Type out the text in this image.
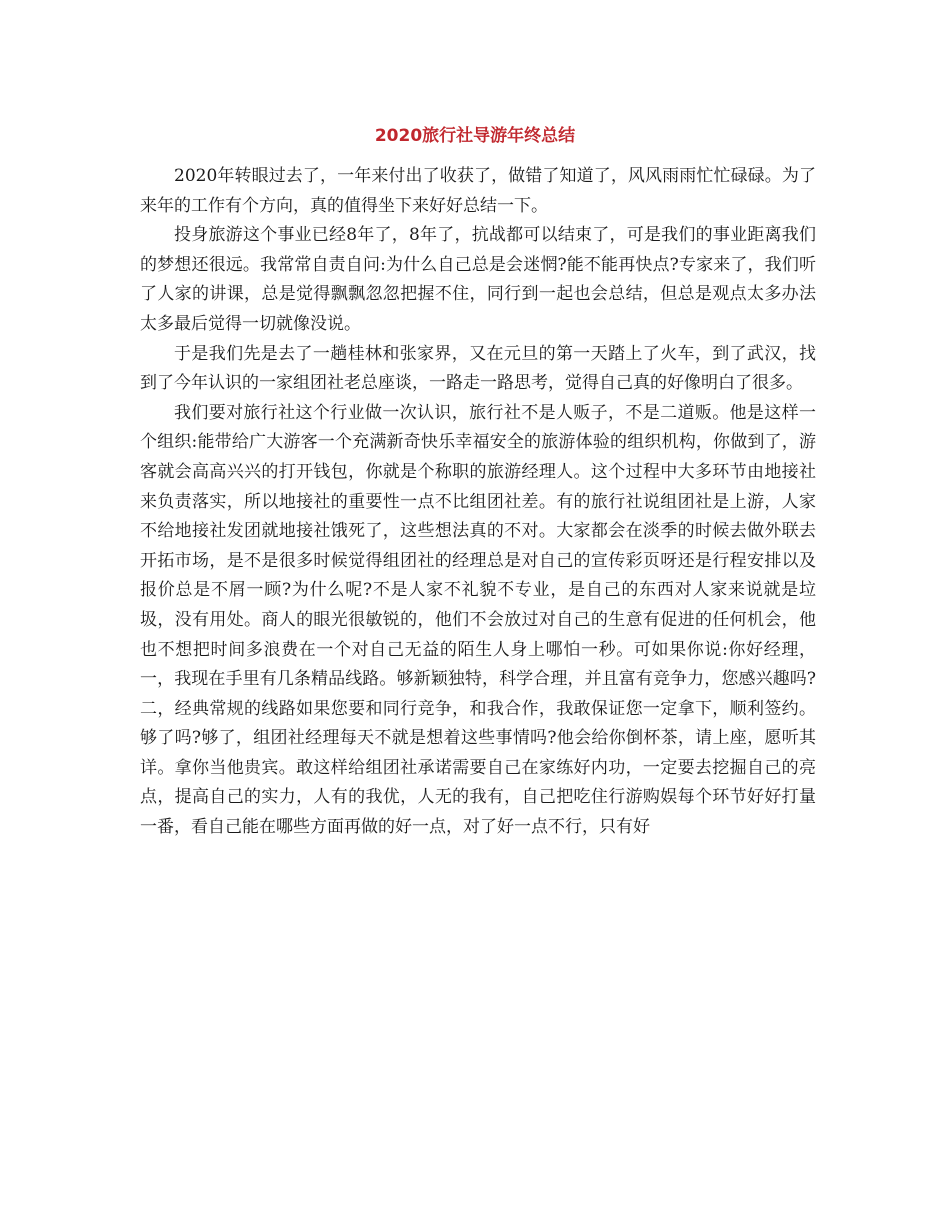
2020旅行社导游年终总结

2020年转眼过去了，一年来付出了收获了，做错了知道了，风风雨雨忙忙碌碌。为了来年的工作有个方向，真的值得坐下来好好总结一下。

投身旅游这个事业已经8年了，8年了，抗战都可以结束了，可是我们的事业距离我们的梦想还很远。我常常自责自问:为什么自己总是会迷惘?能不能再快点?专家来了，我们听了人家的讲课，总是觉得飘飘忽忽把握不住，同行到一起也会总结，但总是观点太多办法太多最后觉得一切就像没说。

于是我们先是去了一趟桂林和张家界，又在元旦的第一天踏上了火车，到了武汉，找到了今年认识的一家组团社老总座谈，一路走一路思考，觉得自己真的好像明白了很多。

我们要对旅行社这个行业做一次认识，旅行社不是人贩子，不是二道贩。他是这样一个组织:能带给广大游客一个充满新奇快乐幸福安全的旅游体验的组织机构，你做到了，游客就会高高兴兴的打开钱包，你就是个称职的旅游经理人。这个过程中大多环节由地接社来负责落实，所以地接社的重要性一点不比组团社差。有的旅行社说组团社是上游，人家不给地接社发团就地接社饿死了，这些想法真的不对。大家都会在淡季的时候去做外联去开拓市场，是不是很多时候觉得组团社的经理总是对自己的宣传彩页呀还是行程安排以及报价总是不屑一顾?为什么呢?不是人家不礼貌不专业，是自己的东西对人家来说就是垃圾，没有用处。商人的眼光很敏锐的，他们不会放过对自己的生意有促进的任何机会，他也不想把时间多浪费在一个对自己无益的陌生人身上哪怕一秒。可如果你说:你好经理，一，我现在手里有几条精品线路。够新颖独特，科学合理，并且富有竞争力，您感兴趣吗?二，经典常规的线路如果您要和同行竞争，和我合作，我敢保证您一定拿下，顺利签约。够了吗?够了，组团社经理每天不就是想着这些事情吗?他会给你倒杯茶，请上座，愿听其详。拿你当他贵宾。敢这样给组团社承诺需要自己在家练好内功，一定要去挖掘自己的亮点，提高自己的实力，人有的我优，人无的我有，自己把吃住行游购娱每个环节好好打量一番，看自己能在哪些方面再做的好一点，对了好一点不行，只有好
